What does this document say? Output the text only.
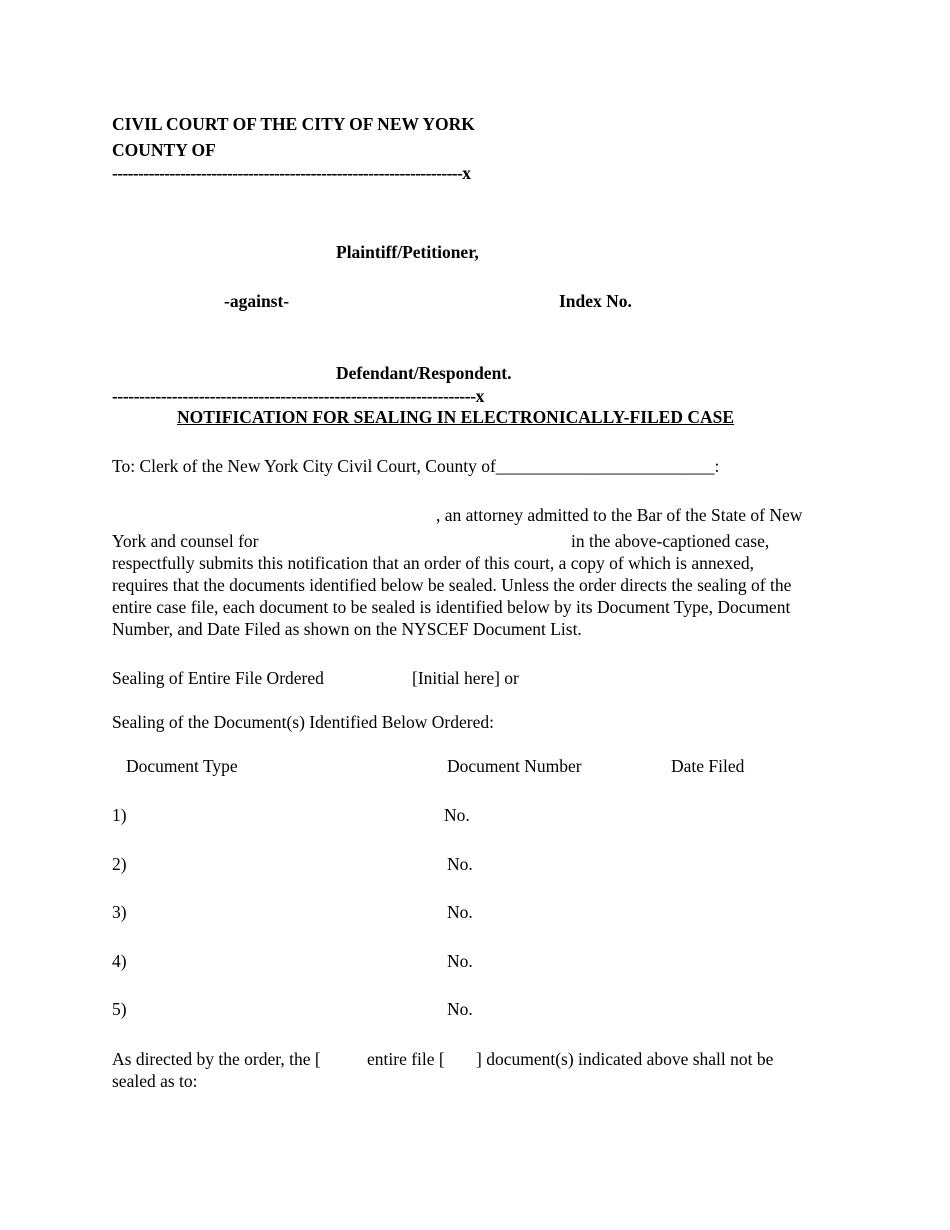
CIVIL COURT OF THE CITY OF NEW YORK
COUNTY OF
-------------------------------------------------------------------x
Plaintiff/Petitioner,
-against-	Index No.
Defendant/Respondent.
-------------------------------------------------------------------x
NOTIFICATION FOR SEALING IN ELECTRONICALLY-FILED CASE
To: Clerk of the New York City Civil Court, County of_________________________:
, an attorney admitted to the Bar of the State of New
York and counsel for	in the above-captioned case,
respectfully submits this notification that an order of this court, a copy of which is annexed,
requires that the documents identified below be sealed. Unless the order directs the sealing of the
entire case file, each document to be sealed is identified below by its Document Type, Document
Number, and Date Filed as shown on the NYSCEF Document List.
Sealing of Entire File Ordered	[Initial here] or
Sealing of the Document(s) Identified Below Ordered:
Document Type	Document Number	Date Filed
1)	No.
2)	No.
3)	No.
4)	No.
5)	No.
As directed by the order, the [	entire file [ ] document(s) indicated above shall not be
sealed as to:
